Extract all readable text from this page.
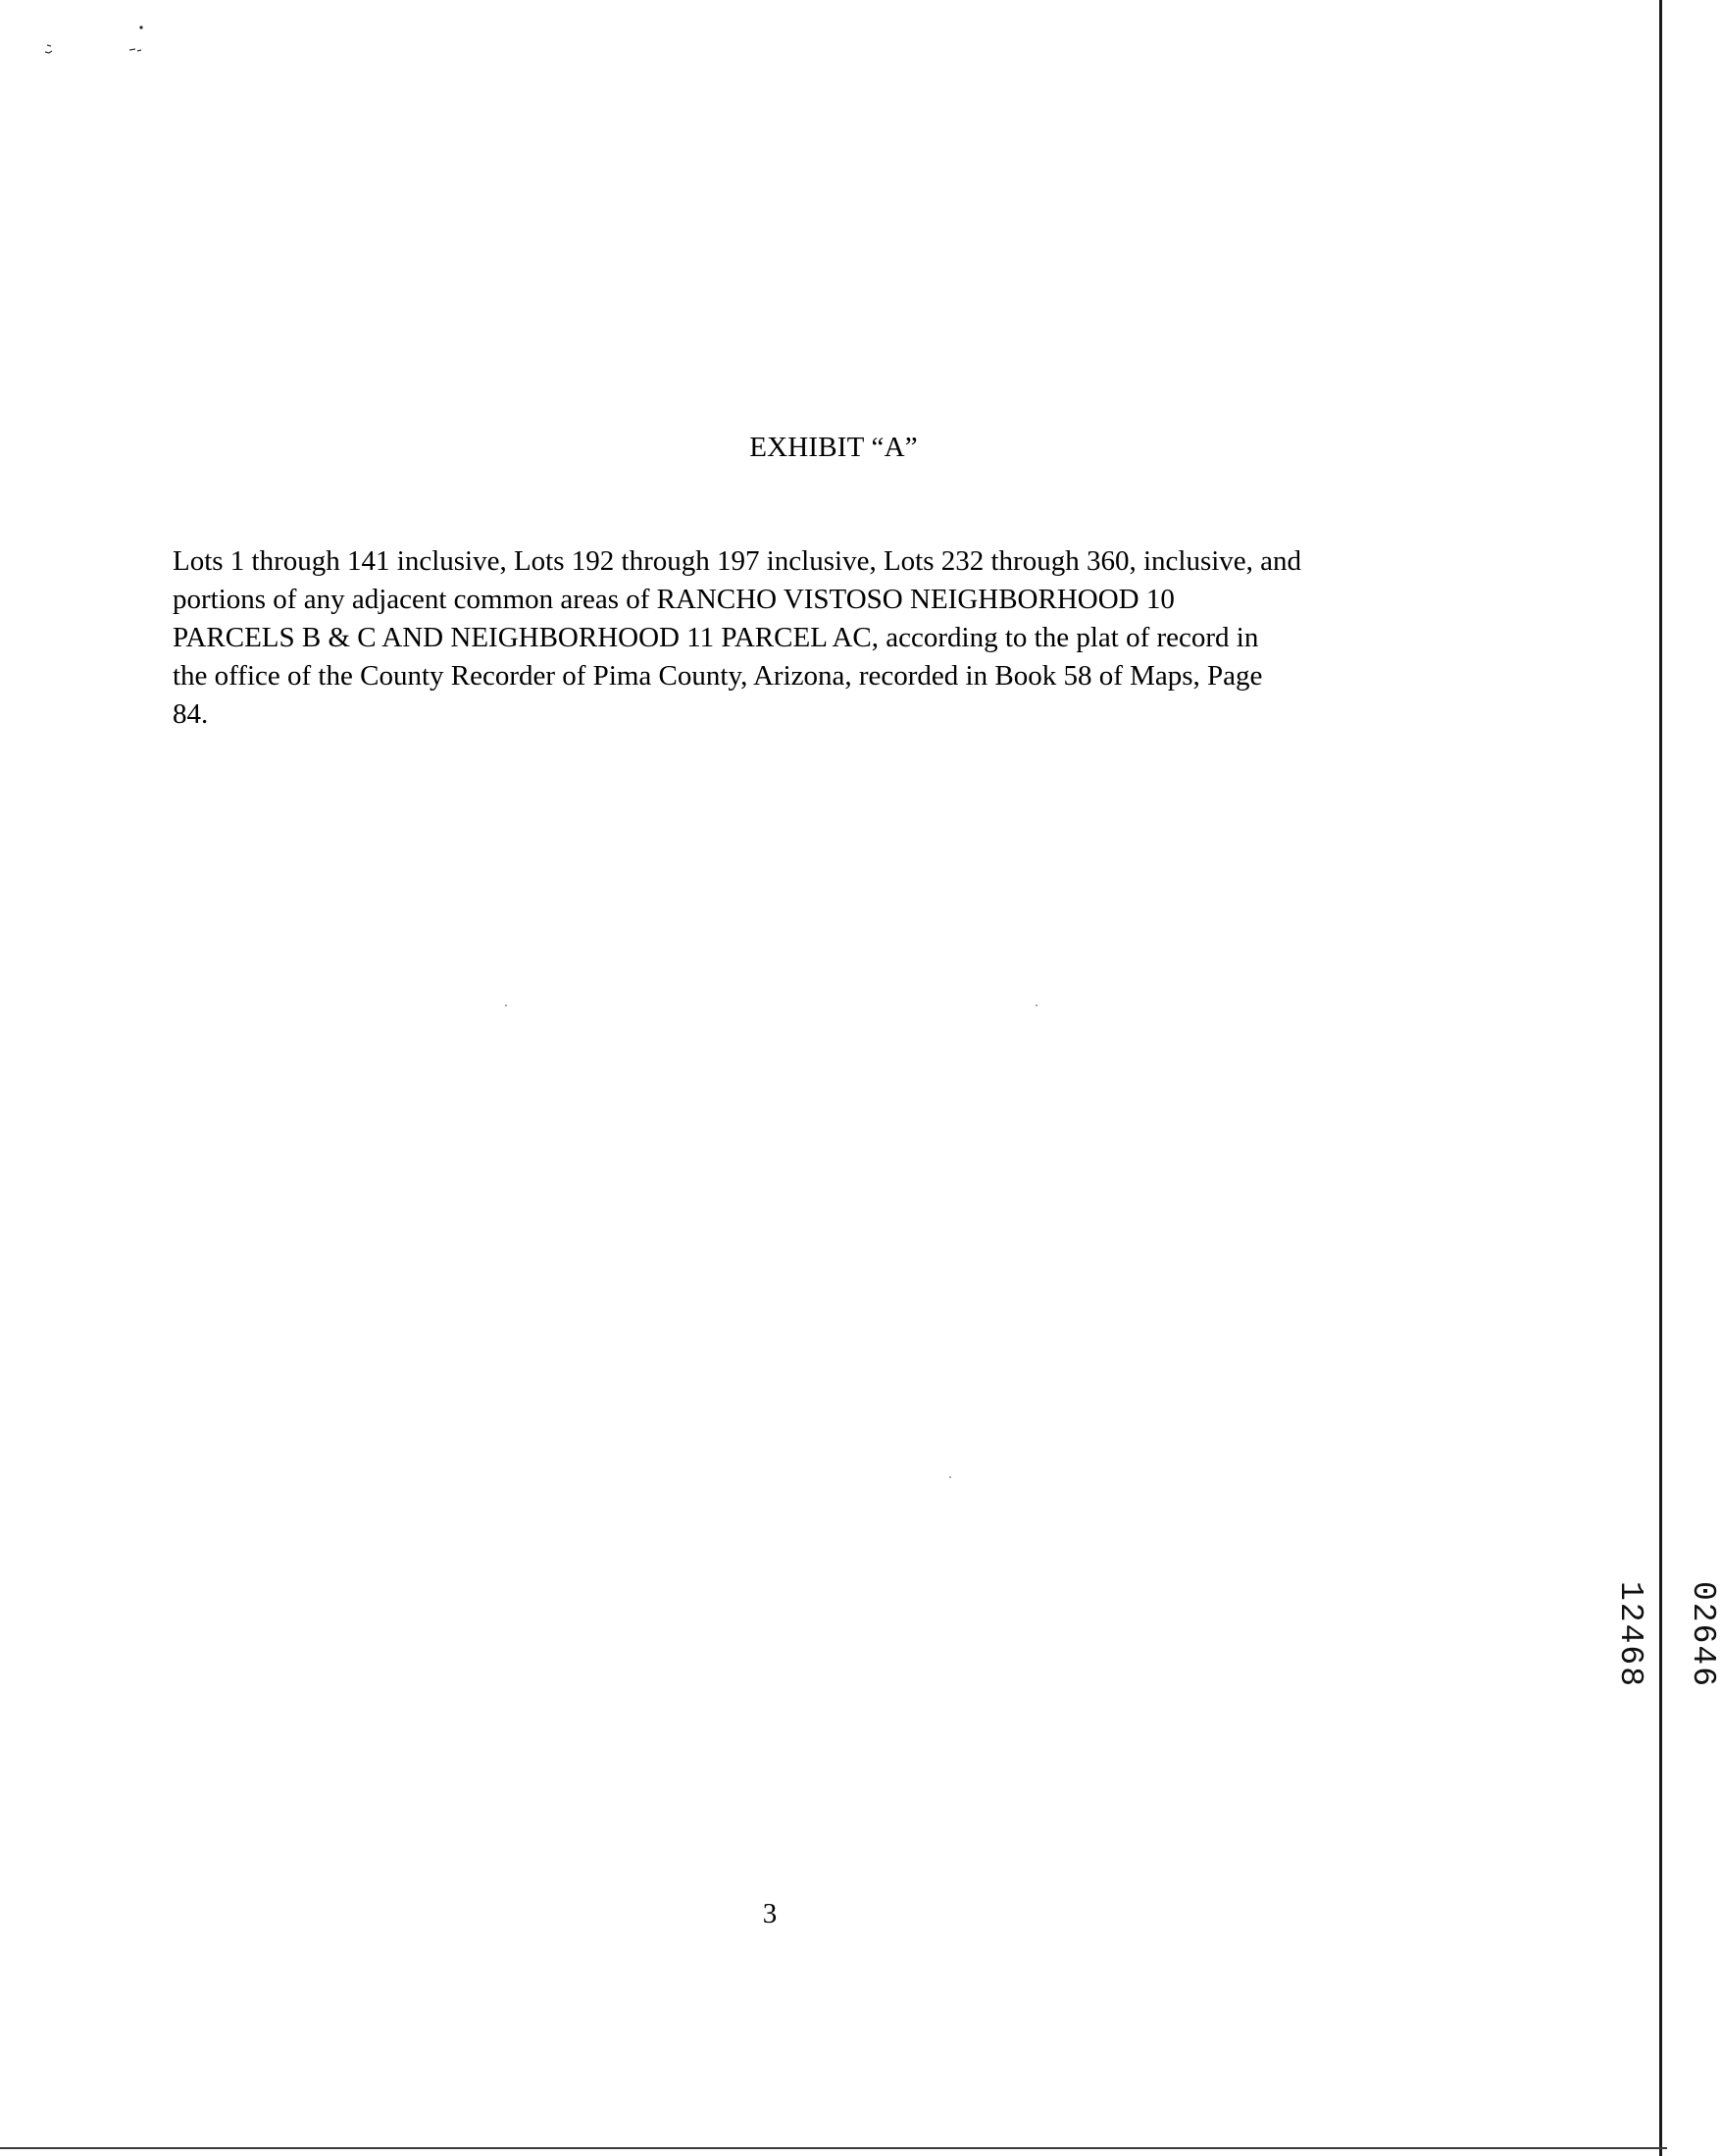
EXHIBIT “A”
Lots 1 through 141 inclusive, Lots 192 through 197 inclusive, Lots 232 through 360, inclusive, and
portions of any adjacent common areas of RANCHO VISTOSO NEIGHBORHOOD 10
PARCELS B & C AND NEIGHBORHOOD 11 PARCEL AC, according to the plat of record in
the office of the County Recorder of Pima County, Arizona, recorded in Book 58 of Maps, Page
84.
12468 02646
3
